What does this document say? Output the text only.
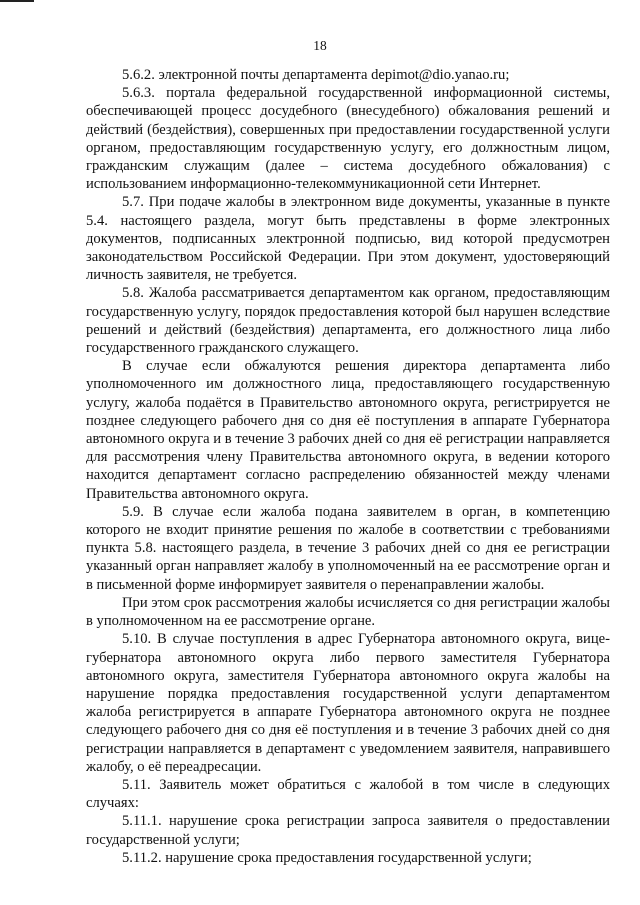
18

5.6.2. электронной почты департамента depimot@dio.yanao.ru;

5.6.3. портала федеральной государственной информационной системы, обеспечивающей процесс досудебного (внесудебного) обжалования решений и действий (бездействия), совершенных при предоставлении государственной услуги органом, предоставляющим государственную услугу, его должностным лицом, гражданским служащим (далее – система досудебного обжалования) с использованием информационно-телекоммуникационной сети Интернет.

5.7. При подаче жалобы в электронном виде документы, указанные в пункте 5.4. настоящего раздела, могут быть представлены в форме электронных документов, подписанных электронной подписью, вид которой предусмотрен законодательством Российской Федерации. При этом документ, удостоверяющий личность заявителя, не требуется.

5.8. Жалоба рассматривается департаментом как органом, предоставляющим государственную услугу, порядок предоставления которой был нарушен вследствие решений и действий (бездействия) департамента, его должностного лица либо государственного гражданского служащего.

В случае если обжалуются решения директора департамента либо уполномоченного им должностного лица, предоставляющего государственную услугу, жалоба подаётся в Правительство автономного округа, регистрируется не позднее следующего рабочего дня со дня её поступления в аппарате Губернатора автономного округа и в течение 3 рабочих дней со дня её регистрации направляется для рассмотрения члену Правительства автономного округа, в ведении которого находится департамент согласно распределению обязанностей между членами Правительства автономного округа.

5.9. В случае если жалоба подана заявителем в орган, в компетенцию которого не входит принятие решения по жалобе в соответствии с требованиями пункта 5.8. настоящего раздела, в течение 3 рабочих дней со дня ее регистрации указанный орган направляет жалобу в уполномоченный на ее рассмотрение орган и в письменной форме информирует заявителя о перенаправлении жалобы.

При этом срок рассмотрения жалобы исчисляется со дня регистрации жалобы в уполномоченном на ее рассмотрение органе.

5.10. В случае поступления в адрес Губернатора автономного округа, вице-губернатора автономного округа либо первого заместителя Губернатора автономного округа, заместителя Губернатора автономного округа жалобы на нарушение порядка предоставления государственной услуги департаментом жалоба регистрируется в аппарате Губернатора автономного округа не позднее следующего рабочего дня со дня её поступления и в течение 3 рабочих дней со дня регистрации направляется в департамент с уведомлением заявителя, направившего жалобу, о её переадресации.

5.11. Заявитель может обратиться с жалобой в том числе в следующих случаях:

5.11.1. нарушение срока регистрации запроса заявителя о предоставлении государственной услуги;

5.11.2. нарушение срока предоставления государственной услуги;
